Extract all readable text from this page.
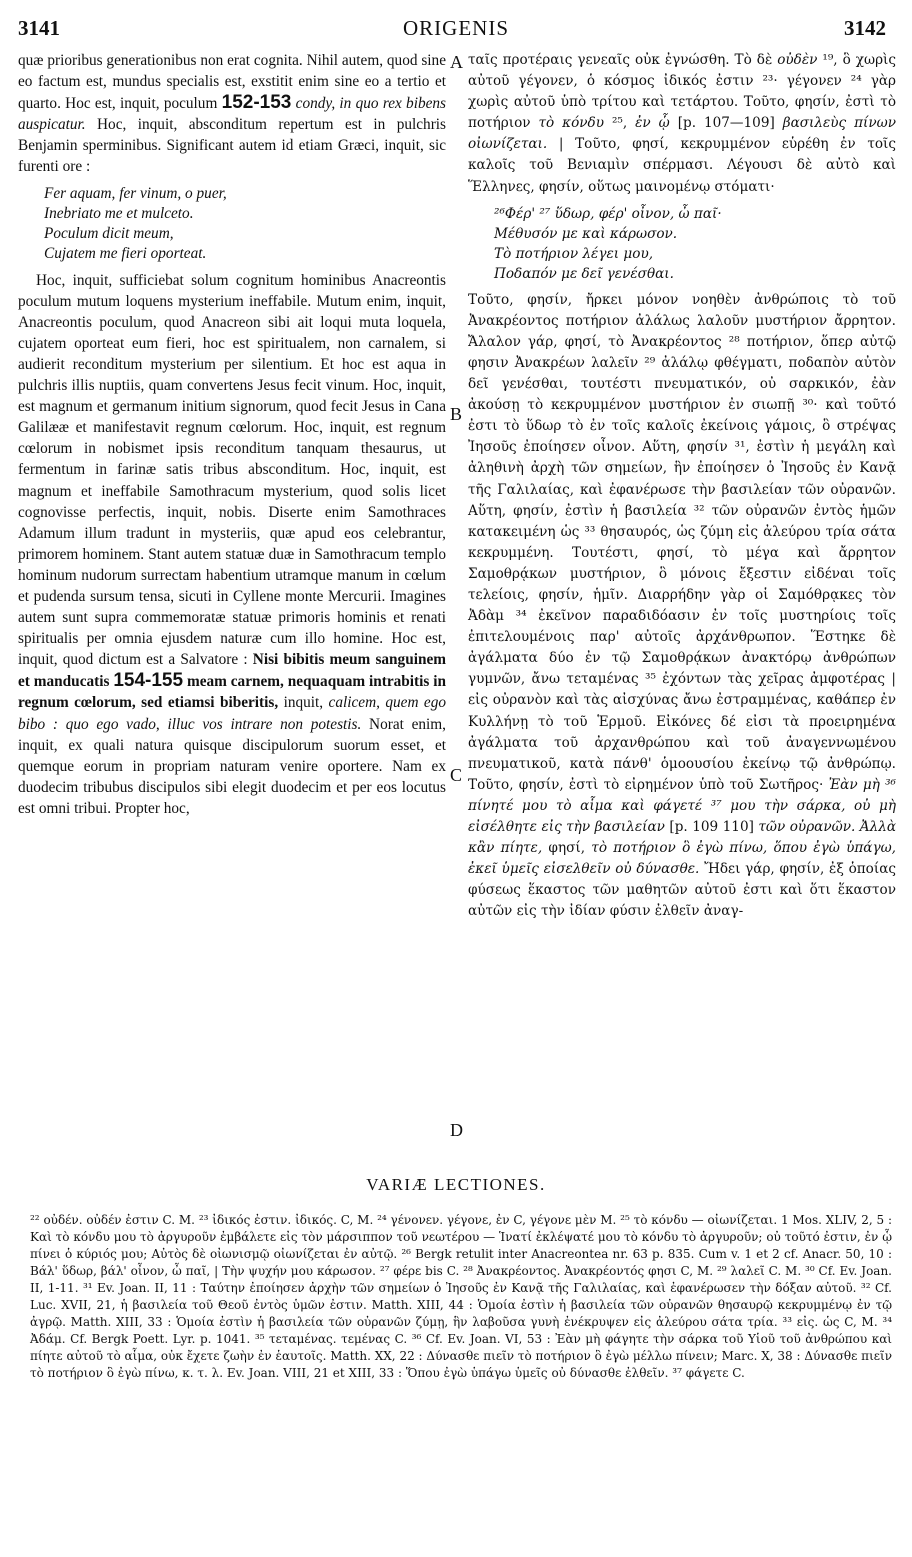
3141	ORIGENIS	3142

quæ prioribus generationibus non erat cognita. Nihil autem, quod sine eo factum est, mundus specialis est, exstitit enim sine eo a tertio et quarto. Hoc est, inquit, poculum 152-153 condy, in quo rex bibens auspicatur. Hoc, inquit, absconditum repertum est in pulchris Benjamin sperminibus. Significant autem id etiam Græci, inquit, sic furenti ore :

Fer aquam, fer vinum, o puer,
Inebriato me et mulceto.
Poculum dicit meum,
Cujatem me fieri oporteat.

Hoc, inquit, sufficiebat solum cognitum hominibus Anacreontis poculum mutum loquens mysterium ineffabile. Mutum enim, inquit, Anacreontis poculum, quod Anacreon sibi ait loqui muta loquela, cujatem oporteat eum fieri, hoc est spiritualem, non carnalem, si audierit reconditum mysterium per silentium. Et hoc est aqua in pulchris illis nuptiis, quam convertens Jesus fecit vinum. Hoc, inquit, est magnum et germanum initium signorum, quod fecit Jesus in Cana Galilææ et manifestavit regnum cœlorum. Hoc, inquit, est regnum cœlorum in nobismet ipsis reconditum tanquam thesaurus, ut fermentum in farinæ satis tribus absconditum. Hoc, inquit, est magnum et ineffabile Samothracum mysterium, quod solis licet cognovisse perfectis, inquit, nobis. Diserte enim Samothraces Adamum illum tradunt in mysteriis, quæ apud eos celebrantur, primorem hominem. Stant autem statuæ duæ in Samothracum templo hominum nudorum surrectam habentium utramque manum in cœlum et pudenda sursum tensa, sicuti in Cyllene monte Mercurii. Imagines autem sunt supra commemoratæ statuæ primoris hominis et renati spiritualis per omnia ejusdem naturæ cum illo homine. Hoc est, inquit, quod dictum est a Salvatore : Nisi bibitis meum sanguinem et manducatis 154-155 meam carnem, nequaquam intrabitis in regnum cœlorum, sed etiamsi biberitis, inquit, calicem, quem ego bibo : quo ego vado, illuc vos intrare non potestis. Norat enim, inquit, ex quali natura quisque discipulorum suorum esset, et quemque eorum in propriam naturam venire oportere. Nam ex duodecim tribubus discipulos sibi elegit duodecim et per eos locutus est omni tribui. Propter hoc,

A
B
C
D

ταῖς προτέραις γενεαῖς οὐκ ἐγνώσθη. Τὸ δὲ οὐδὲν ¹⁹, ὃ χωρὶς αὐτοῦ γέγονεν, ὁ κόσμος ἰδικός ἐστιν ²³· γέγονεν ²⁴ γὰρ χωρὶς αὐτοῦ ὑπὸ τρίτου καὶ τετάρτου. Τοῦτο, φησίν, ἐστὶ τὸ ποτήριον τὸ κόνδυ ²⁵, ἐν ᾧ [p. 107—109] βασιλεὺς πίνων οἰωνίζεται. | Τοῦτο, φησί, κεκρυμμένον εὑρέθη ἐν τοῖς καλοῖς τοῦ Βενιαμὶν σπέρμασι. Λέγουσι δὲ αὐτὸ καὶ Ἕλληνες, φησίν, οὕτως μαινομένῳ στόματι·

²⁶Φέρ' ²⁷ ὕδωρ, φέρ' οἶνον, ὦ παῖ·
Μέθυσόν με καὶ κάρωσον.
Τὸ ποτήριον λέγει μου,
Ποδαπόν με δεῖ γενέσθαι.

Τοῦτο, φησίν, ἤρκει μόνον νοηθὲν ἀνθρώποις τὸ τοῦ Ἀνακρέοντος ποτήριον ἀλάλως λαλοῦν μυστήριον ἄρρητον. Ἄλαλον γάρ, φησί, τὸ Ἀνακρέοντος ²⁸ ποτήριον, ὅπερ αὐτῷ φησιν Ἀνακρέων λαλεῖν ²⁹ ἀλάλῳ φθέγματι, ποδαπὸν αὐτὸν δεῖ γενέσθαι, τουτέστι πνευματικόν, οὐ σαρκικόν, ἐὰν ἀκούσῃ τὸ κεκρυμμένον μυστήριον ἐν σιωπῇ ³⁰· καὶ τοῦτό ἐστι τὸ ὕδωρ τὸ ἐν τοῖς καλοῖς ἐκείνοις γάμοις, ὃ στρέψας Ἰησοῦς ἐποίησεν οἶνον. Αὕτη, φησίν ³¹, ἐστὶν ἡ μεγάλη καὶ ἀληθινὴ ἀρχὴ τῶν σημείων, ἣν ἐποίησεν ὁ Ἰησοῦς ἐν Κανᾷ τῆς Γαλιλαίας, καὶ ἐφανέρωσε τὴν βασιλείαν τῶν οὐρανῶν. Αὕτη, φησίν, ἐστὶν ἡ βασιλεία ³² τῶν οὐρανῶν ἐντὸς ἡμῶν κατακειμένη ὡς ³³ θησαυρός, ὡς ζύμη εἰς ἀλεύρου τρία σάτα κεκρυμμένη. Τουτέστι, φησί, τὸ μέγα καὶ ἄρρητον Σαμοθρᾴκων μυστήριον, ὃ μόνοις ἔξεστιν εἰδέναι τοῖς τελείοις, φησίν, ἡμῖν. Διαρρήδην γὰρ οἱ Σαμόθρᾳκες τὸν Ἀδὰμ ³⁴ ἐκεῖνον παραδιδόασιν ἐν τοῖς μυστηρίοις τοῖς ἐπιτελουμένοις παρ' αὐτοῖς ἀρχάνθρωπον. Ἕστηκε δὲ ἀγάλματα δύο ἐν τῷ Σαμοθρᾴκων ἀνακτόρῳ ἀνθρώπων γυμνῶν, ἄνω τεταμένας ³⁵ ἐχόντων τὰς χεῖρας ἀμφοτέρας | εἰς οὐρανὸν καὶ τὰς αἰσχύνας ἄνω ἐστραμμένας, καθάπερ ἐν Κυλλήνῃ τὸ τοῦ Ἑρμοῦ. Εἰκόνες δέ εἰσι τὰ προειρημένα ἀγάλματα τοῦ ἀρχανθρώπου καὶ τοῦ ἀναγεννωμένου πνευματικοῦ, κατὰ πάνθ' ὁμοουσίου ἐκείνῳ τῷ ἀνθρώπῳ. Τοῦτο, φησίν, ἐστὶ τὸ εἰρημένον ὑπὸ τοῦ Σωτῆρος· Ἐὰν μὴ ³⁶ πίνητέ μου τὸ αἷμα καὶ φάγετέ ³⁷ μου τὴν σάρκα, οὐ μὴ εἰσέλθητε εἰς τὴν βασιλείαν [p. 109 110] τῶν οὐρανῶν. Ἀλλὰ κἂν πίητε, φησί, τὸ ποτήριον ὃ ἐγὼ πίνω, ὅπου ἐγὼ ὑπάγω, ἐκεῖ ὑμεῖς εἰσελθεῖν οὐ δύνασθε. Ἤδει γάρ, φησίν, ἐξ ὁποίας φύσεως ἕκαστος τῶν μαθητῶν αὐτοῦ ἐστι καὶ ὅτι ἕκαστον αὐτῶν εἰς τὴν ἰδίαν φύσιν ἐλθεῖν ἀναγ-

VARIÆ LECTIONES.

²² οὐδέν. οὐδέν ἐστιν C. M. ²³ ἰδικός ἐστιν. ἰδικός. C, M. ²⁴ γένονεν. γέγονε, ἐν C, γέγονε μὲν M. ²⁵ τὸ κόνδυ — οἰωνίζεται. 1 Mos. XLIV, 2, 5 : Καὶ τὸ κόνδυ μου τὸ ἀργυροῦν ἐμβάλετε εἰς τὸν μάρσιππον τοῦ νεωτέρου — Ἱνατί ἐκλέψατέ μου τὸ κόνδυ τὸ ἀργυροῦν; οὐ τοῦτό ἐστιν, ἐν ᾧ πίνει ὁ κύριός μου; Αὐτὸς δὲ οἰωνισμῷ οἰωνίζεται ἐν αὐτῷ. ²⁶ Bergk retulit inter Anacreontea nr. 63 p. 835. Cum v. 1 et 2 cf. Anacr. 50, 10 : Βάλ' ὕδωρ, βάλ' οἶνον, ὦ παῖ, | Τὴν ψυχήν μου κάρωσον. ²⁷ φέρε bis C. ²⁸ Ἀνακρέοντος. Ἀνακρέοντός φησι C, M. ²⁹ λαλεῖ C. M. ³⁰ Cf. Ev. Joan. II, 1-11. ³¹ Ev. Joan. II, 11 : Ταύτην ἐποίησεν ἀρχὴν τῶν σημείων ὁ Ἰησοῦς ἐν Κανᾷ τῆς Γαλιλαίας, καὶ ἐφανέρωσεν τὴν δόξαν αὐτοῦ. ³² Cf. Luc. XVII, 21, ἡ βασιλεία τοῦ Θεοῦ ἐντὸς ὑμῶν ἐστιν. Matth. XIII, 44 : Ὁμοία ἐστὶν ἡ βασιλεία τῶν οὐρανῶν θησαυρῷ κεκρυμμένῳ ἐν τῷ ἀγρῷ. Matth. XIII, 33 : Ὁμοία ἐστὶν ἡ βασιλεία τῶν οὐρανῶν ζύμῃ, ἣν λαβοῦσα γυνὴ ἐνέκρυψεν εἰς ἀλεύρου σάτα τρία. ³³ εἰς. ὡς C, M. ³⁴ Ἀδάμ. Cf. Bergk Poett. Lyr. p. 1041. ³⁵ τεταμένας. τεμένας C. ³⁶ Cf. Ev. Joan. VI, 53 : Ἐὰν μὴ φάγητε τὴν σάρκα τοῦ Υἱοῦ τοῦ ἀνθρώπου καὶ πίητε αὐτοῦ τὸ αἷμα, οὐκ ἔχετε ζωὴν ἐν ἑαυτοῖς. Matth. XX, 22 : Δύνασθε πιεῖν τὸ ποτήριον ὃ ἐγὼ μέλλω πίνειν; Marc. X, 38 : Δύνασθε πιεῖν τὸ ποτήριον ὃ ἐγὼ πίνω, κ. τ. λ. Ev. Joan. VIII, 21 et XIII, 33 : Ὅπου ἐγὼ ὑπάγω ὑμεῖς οὐ δύνασθε ἐλθεῖν. ³⁷ φάγετε C.
